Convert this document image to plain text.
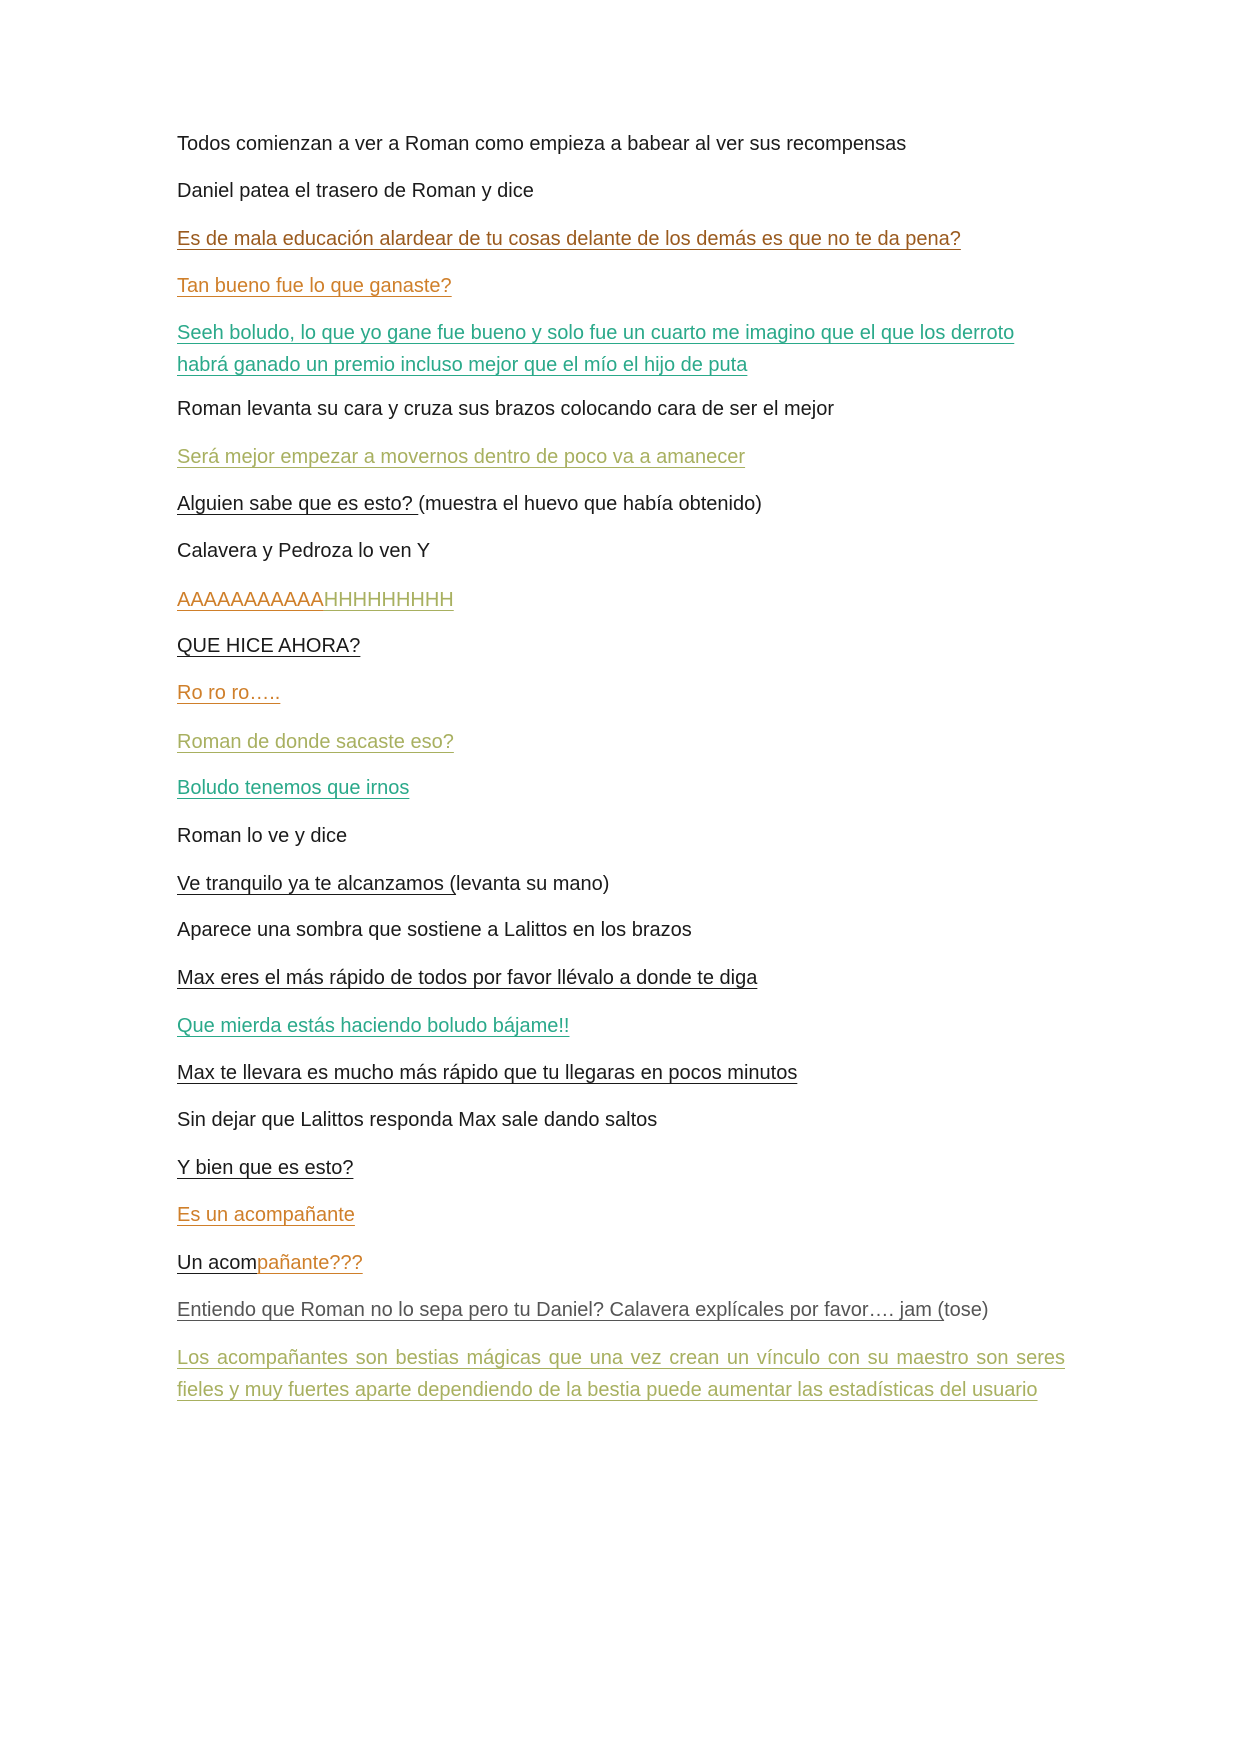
Todos comienzan a ver a Roman como empieza a babear al ver sus recompensas
Daniel patea el trasero de Roman y dice
Es de mala educación alardear de tu cosas delante de los demás es que no te da pena?
Tan bueno fue lo que ganaste?
Seeh boludo, lo que yo gane fue bueno y solo fue un cuarto me imagino que el que los derroto habrá ganado un premio incluso mejor que el mío el hijo de puta
Roman levanta su cara y cruza sus brazos colocando cara de ser el mejor
Será mejor empezar a movernos dentro de poco va a amanecer
Alguien sabe que es esto? (muestra el huevo que había obtenido)
Calavera y Pedroza lo ven Y
AAAAAAAAAAAHHHHHHHHH
QUE HICE AHORA?
Ro ro ro…..
Roman de donde sacaste eso?
Boludo tenemos que irnos
Roman lo ve y dice
Ve tranquilo ya te alcanzamos (levanta su mano)
Aparece una sombra que sostiene a Lalittos en los brazos
Max eres el más rápido de todos por favor llévalo a donde te diga
Que mierda estás haciendo boludo bájame!!
Max te llevara es mucho más rápido que tu llegaras en pocos minutos
Sin dejar que Lalittos responda Max sale dando saltos
Y bien que es esto?
Es un acompañante
Un acompañante???
Entiendo que Roman no lo sepa pero tu Daniel? Calavera explícales por favor…. jam (tose)
Los acompañantes son bestias mágicas que una vez crean un vínculo con su maestro son seres fieles y muy fuertes aparte dependiendo de la bestia puede aumentar las estadísticas del usuario
